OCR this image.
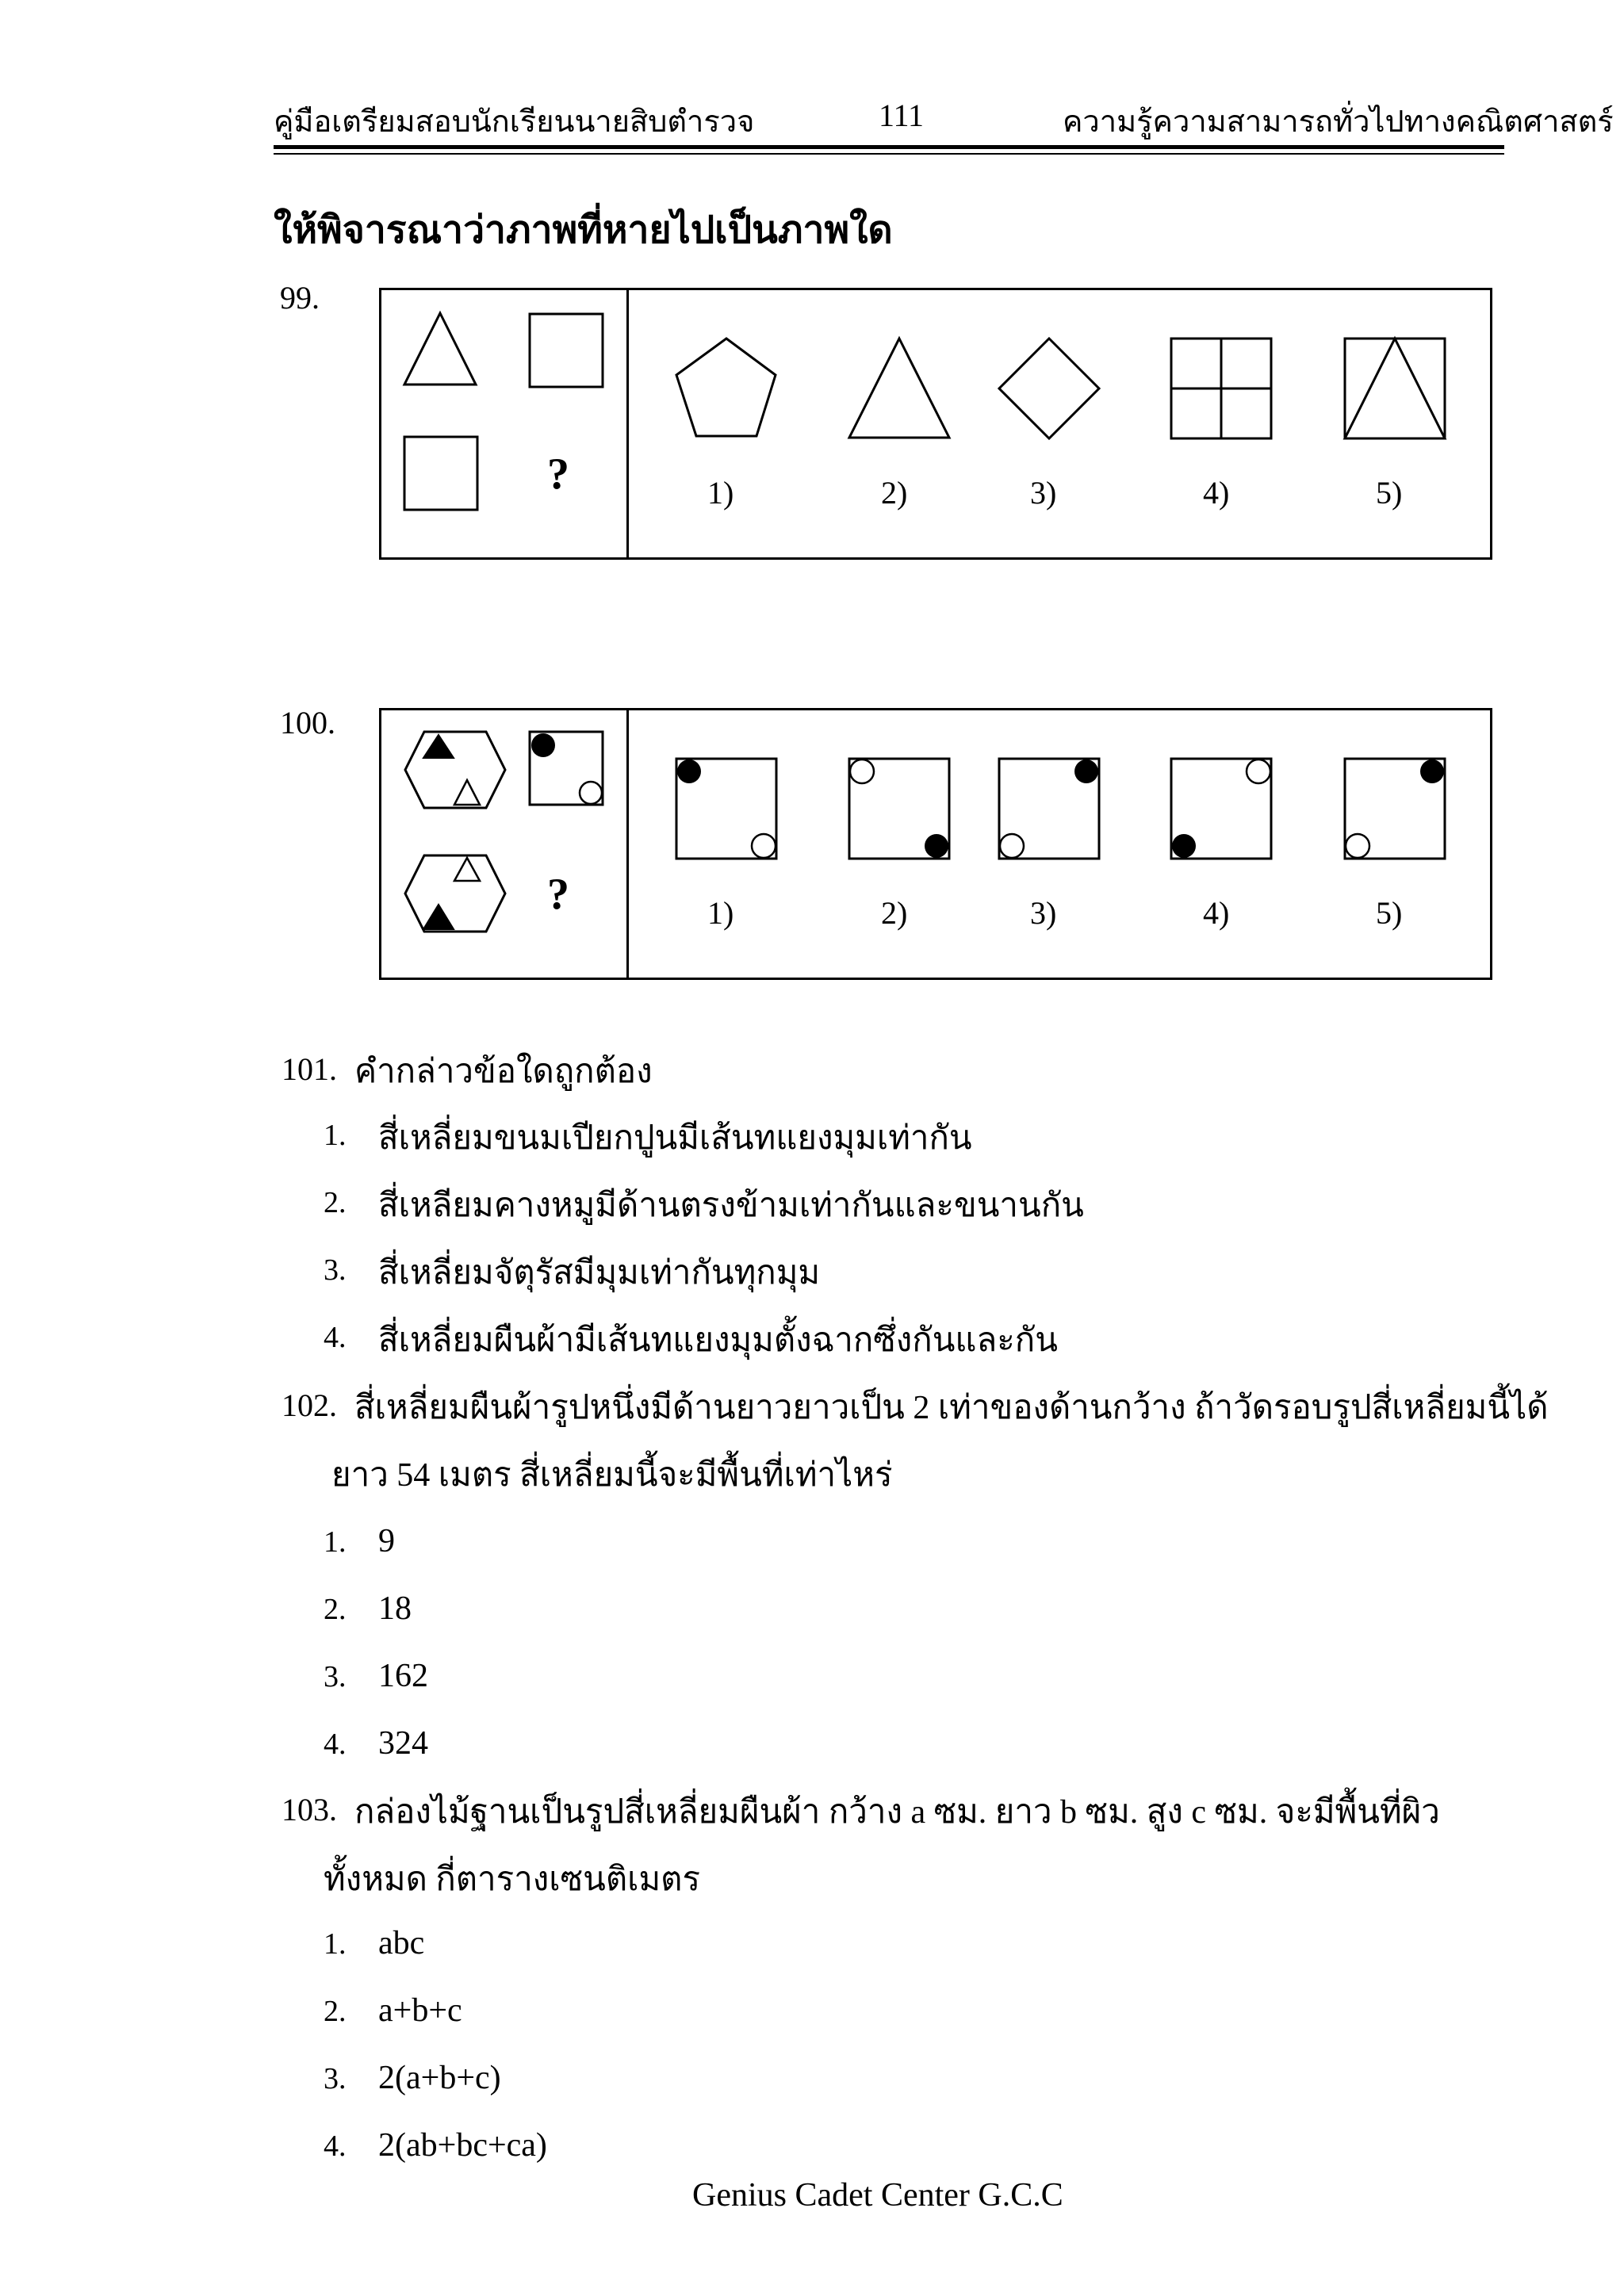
คู่มือเตรียมสอบนักเรียนนายสิบตำรวจ	111	ความรู้ความสามารถทั่วไปทางคณิตศาสตร์
ให้พิจารณาว่าภาพที่หายไปเป็นภาพใด
99.
?	1)	2)	3)	4)	5)
100.
?	1)	2)	3)	4)	5)
101. คำกล่าวข้อใดถูกต้อง
1. สี่เหลี่ยมขนมเปียกปูนมีเส้นทแยงมุมเท่ากัน
2. สี่เหลียมคางหมูมีด้านตรงข้ามเท่ากันและขนานกัน
3. สี่เหลี่ยมจัตุรัสมีมุมเท่ากันทุกมุม
4. สี่เหลี่ยมผืนผ้ามีเส้นทแยงมุมตั้งฉากซึ่งกันและกัน
102. สี่เหลี่ยมผืนผ้ารูปหนึ่งมีด้านยาวยาวเป็น 2 เท่าของด้านกว้าง ถ้าวัดรอบรูปสี่เหลี่ยมนี้ได้
ยาว 54 เมตร สี่เหลี่ยมนี้จะมีพื้นที่เท่าไหร่
1. 9
2. 18
3. 162
4. 324
103. กล่องไม้ฐานเป็นรูปสี่เหลี่ยมผืนผ้า กว้าง a ซม. ยาว b ซม. สูง c ซม. จะมีพื้นที่ผิว
ทั้งหมด กี่ตารางเซนติเมตร
1. abc
2. a+b+c
3. 2(a+b+c)
4. 2(ab+bc+ca)
Genius Cadet Center G.C.C
